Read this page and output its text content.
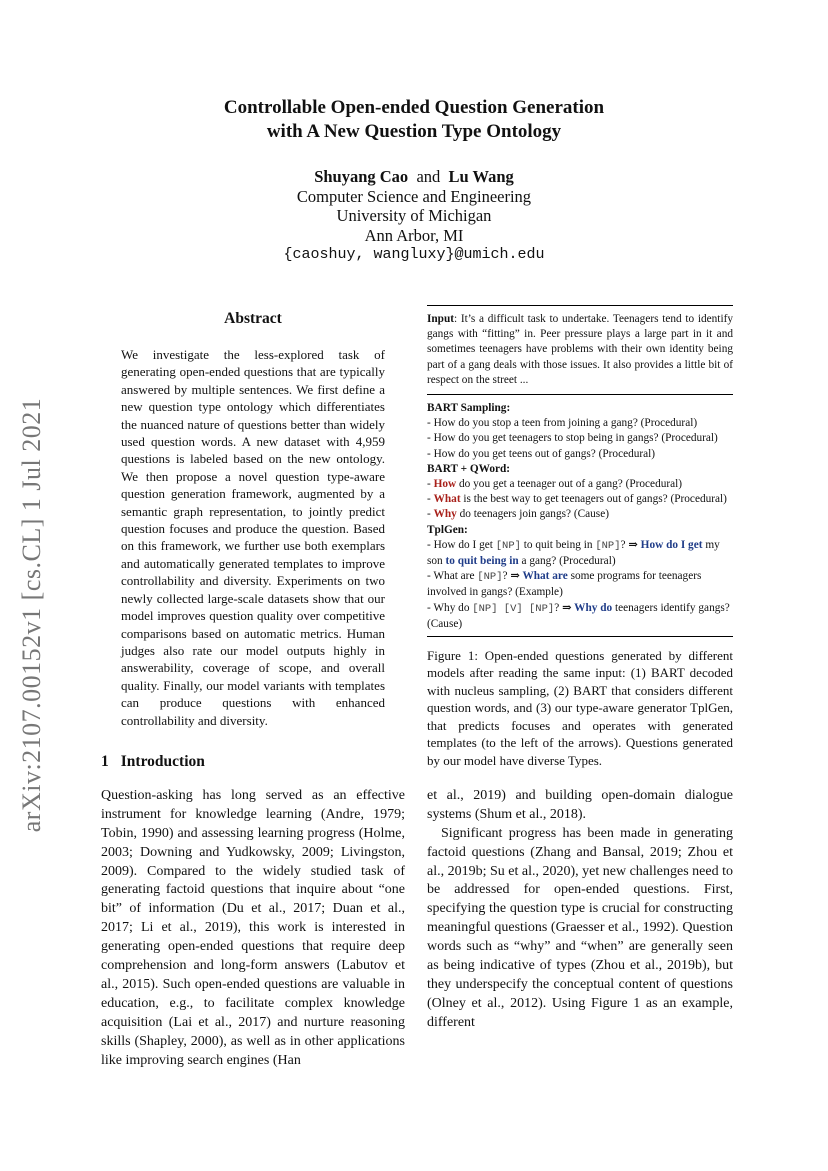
arXiv:2107.00152v1 [cs.CL] 1 Jul 2021
Controllable Open-ended Question Generation
with A New Question Type Ontology
Shuyang Cao and Lu Wang
Computer Science and Engineering
University of Michigan
Ann Arbor, MI
{caoshuy, wangluxy}@umich.edu
Abstract

We investigate the less-explored task of generating open-ended questions that are typically answered by multiple sentences. We first define a new question type ontology which differentiates the nuanced nature of questions better than widely used question words. A new dataset with 4,959 questions is labeled based on the new ontology. We then propose a novel question type-aware question generation framework, augmented by a semantic graph representation, to jointly predict question focuses and produce the question. Based on this framework, we further use both exemplars and automatically generated templates to improve controllability and diversity. Experiments on two newly collected large-scale datasets show that our model improves question quality over competitive comparisons based on automatic metrics. Human judges also rate our model outputs highly in answerability, coverage of scope, and overall quality. Finally, our model variants with templates can produce questions with enhanced controllability and diversity.

1 Introduction

Question-asking has long served as an effective instrument for knowledge learning (Andre, 1979; Tobin, 1990) and assessing learning progress (Holme, 2003; Downing and Yudkowsky, 2009; Livingston, 2009). Compared to the widely studied task of generating factoid questions that inquire about “one bit” of information (Du et al., 2017; Duan et al., 2017; Li et al., 2019), this work is interested in generating open-ended questions that require deep comprehension and long-form answers (Labutov et al., 2015). Such open-ended questions are valuable in education, e.g., to facilitate complex knowledge acquisition (Lai et al., 2017) and nurture reasoning skills (Shapley, 2000), as well as in other applications like improving search engines (Han

Input: It’s a difficult task to undertake. Teenagers tend to identify gangs with “fitting” in. Peer pressure plays a large part in it and sometimes teenagers have problems with their own identity being part of a gang deals with those issues. It also provides a little bit of respect on the street ...
BART Sampling:
- How do you stop a teen from joining a gang? (Procedural)
- How do you get teenagers to stop being in gangs? (Procedural)
- How do you get teens out of gangs? (Procedural)
BART + QWord:
- How do you get a teenager out of a gang? (Procedural)
- What is the best way to get teenagers out of gangs? (Procedural)
- Why do teenagers join gangs? (Cause)
TplGen:
- How do I get [NP] to quit being in [NP]? ⇒ How do I get my son to quit being in a gang? (Procedural)
- What are [NP]? ⇒ What are some programs for teenagers involved in gangs? (Example)
- Why do [NP] [V] [NP]? ⇒ Why do teenagers identify gangs? (Cause)

Figure 1: Open-ended questions generated by different models after reading the same input: (1) BART decoded with nucleus sampling, (2) BART that considers different question words, and (3) our type-aware generator TplGen, that predicts focuses and operates with generated templates (to the left of the arrows). Questions generated by our model have diverse Types.

et al., 2019) and building open-domain dialogue systems (Shum et al., 2018).

Significant progress has been made in generating factoid questions (Zhang and Bansal, 2019; Zhou et al., 2019b; Su et al., 2020), yet new challenges need to be addressed for open-ended questions. First, specifying the question type is crucial for constructing meaningful questions (Graesser et al., 1992). Question words such as “why” and “when” are generally seen as being indicative of types (Zhou et al., 2019b), but they underspecify the conceptual content of questions (Olney et al., 2012). Using Figure 1 as an example, different
